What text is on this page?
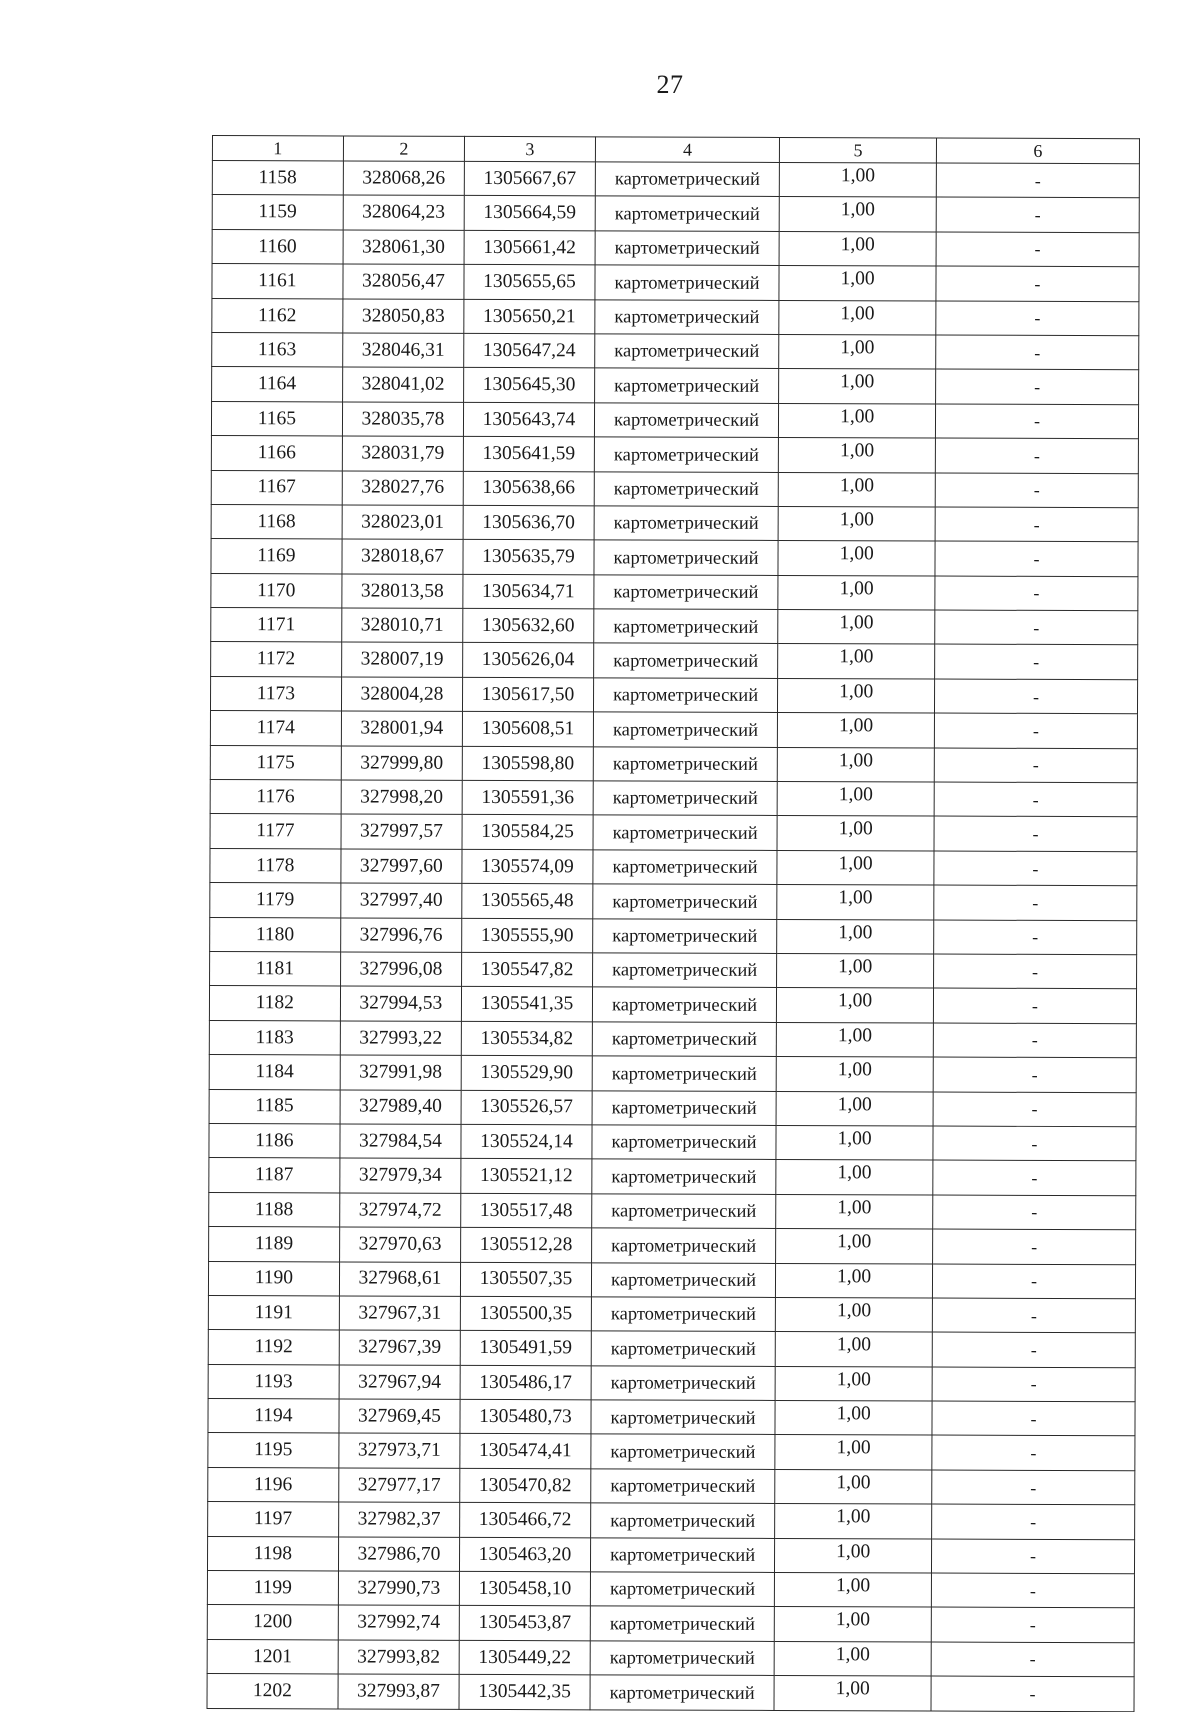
27
1	2	3	4	5	6
1158	328068,26	1305667,67	картометрический	1,00	-
1159	328064,23	1305664,59	картометрический	1,00	-
1160	328061,30	1305661,42	картометрический	1,00	-
1161	328056,47	1305655,65	картометрический	1,00	-
1162	328050,83	1305650,21	картометрический	1,00	-
1163	328046,31	1305647,24	картометрический	1,00	-
1164	328041,02	1305645,30	картометрический	1,00	-
1165	328035,78	1305643,74	картометрический	1,00	-
1166	328031,79	1305641,59	картометрический	1,00	-
1167	328027,76	1305638,66	картометрический	1,00	-
1168	328023,01	1305636,70	картометрический	1,00	-
1169	328018,67	1305635,79	картометрический	1,00	-
1170	328013,58	1305634,71	картометрический	1,00	-
1171	328010,71	1305632,60	картометрический	1,00	-
1172	328007,19	1305626,04	картометрический	1,00	-
1173	328004,28	1305617,50	картометрический	1,00	-
1174	328001,94	1305608,51	картометрический	1,00	-
1175	327999,80	1305598,80	картометрический	1,00	-
1176	327998,20	1305591,36	картометрический	1,00	-
1177	327997,57	1305584,25	картометрический	1,00	-
1178	327997,60	1305574,09	картометрический	1,00	-
1179	327997,40	1305565,48	картометрический	1,00	-
1180	327996,76	1305555,90	картометрический	1,00	-
1181	327996,08	1305547,82	картометрический	1,00	-
1182	327994,53	1305541,35	картометрический	1,00	-
1183	327993,22	1305534,82	картометрический	1,00	-
1184	327991,98	1305529,90	картометрический	1,00	-
1185	327989,40	1305526,57	картометрический	1,00	-
1186	327984,54	1305524,14	картометрический	1,00	-
1187	327979,34	1305521,12	картометрический	1,00	-
1188	327974,72	1305517,48	картометрический	1,00	-
1189	327970,63	1305512,28	картометрический	1,00	-
1190	327968,61	1305507,35	картометрический	1,00	-
1191	327967,31	1305500,35	картометрический	1,00	-
1192	327967,39	1305491,59	картометрический	1,00	-
1193	327967,94	1305486,17	картометрический	1,00	-
1194	327969,45	1305480,73	картометрический	1,00	-
1195	327973,71	1305474,41	картометрический	1,00	-
1196	327977,17	1305470,82	картометрический	1,00	-
1197	327982,37	1305466,72	картометрический	1,00	-
1198	327986,70	1305463,20	картометрический	1,00	-
1199	327990,73	1305458,10	картометрический	1,00	-
1200	327992,74	1305453,87	картометрический	1,00	-
1201	327993,82	1305449,22	картометрический	1,00	-
1202	327993,87	1305442,35	картометрический	1,00	-
